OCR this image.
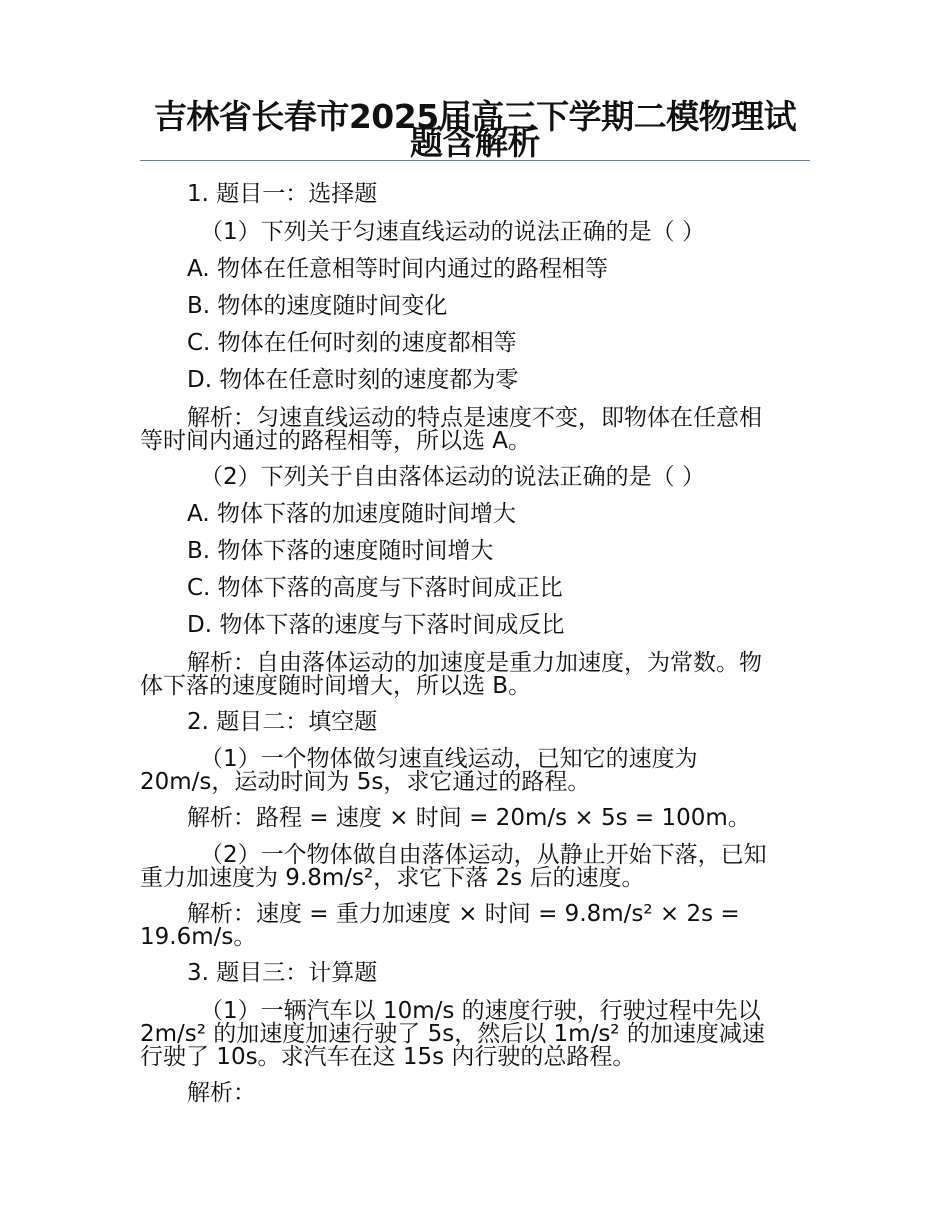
吉林省长春市2025届高三下学期二模物理试题含解析

1. 题目一：选择题

（1）下列关于匀速直线运动的说法正确的是（ ）

A. 物体在任意相等时间内通过的路程相等

B. 物体的速度随时间变化

C. 物体在任何时刻的速度都相等

D. 物体在任意时刻的速度都为零

解析：匀速直线运动的特点是速度不变，即物体在任意相

等时间内通过的路程相等，所以选 A。

（2）下列关于自由落体运动的说法正确的是（ ）

A. 物体下落的加速度随时间增大

B. 物体下落的速度随时间增大

C. 物体下落的高度与下落时间成正比

D. 物体下落的速度与下落时间成反比

解析：自由落体运动的加速度是重力加速度，为常数。物

体下落的速度随时间增大，所以选 B。

2. 题目二：填空题

（1）一个物体做匀速直线运动，已知它的速度为

20m/s，运动时间为 5s，求它通过的路程。

解析：路程 = 速度 × 时间 = 20m/s × 5s = 100m。

（2）一个物体做自由落体运动，从静止开始下落，已知

重力加速度为 9.8m/s²，求它下落 2s 后的速度。

解析：速度 = 重力加速度 × 时间 = 9.8m/s² × 2s =

19.6m/s。

3. 题目三：计算题

（1）一辆汽车以 10m/s 的速度行驶，行驶过程中先以

2m/s² 的加速度加速行驶了 5s，然后以 1m/s² 的加速度减速

行驶了 10s。求汽车在这 15s 内行驶的总路程。

解析：
